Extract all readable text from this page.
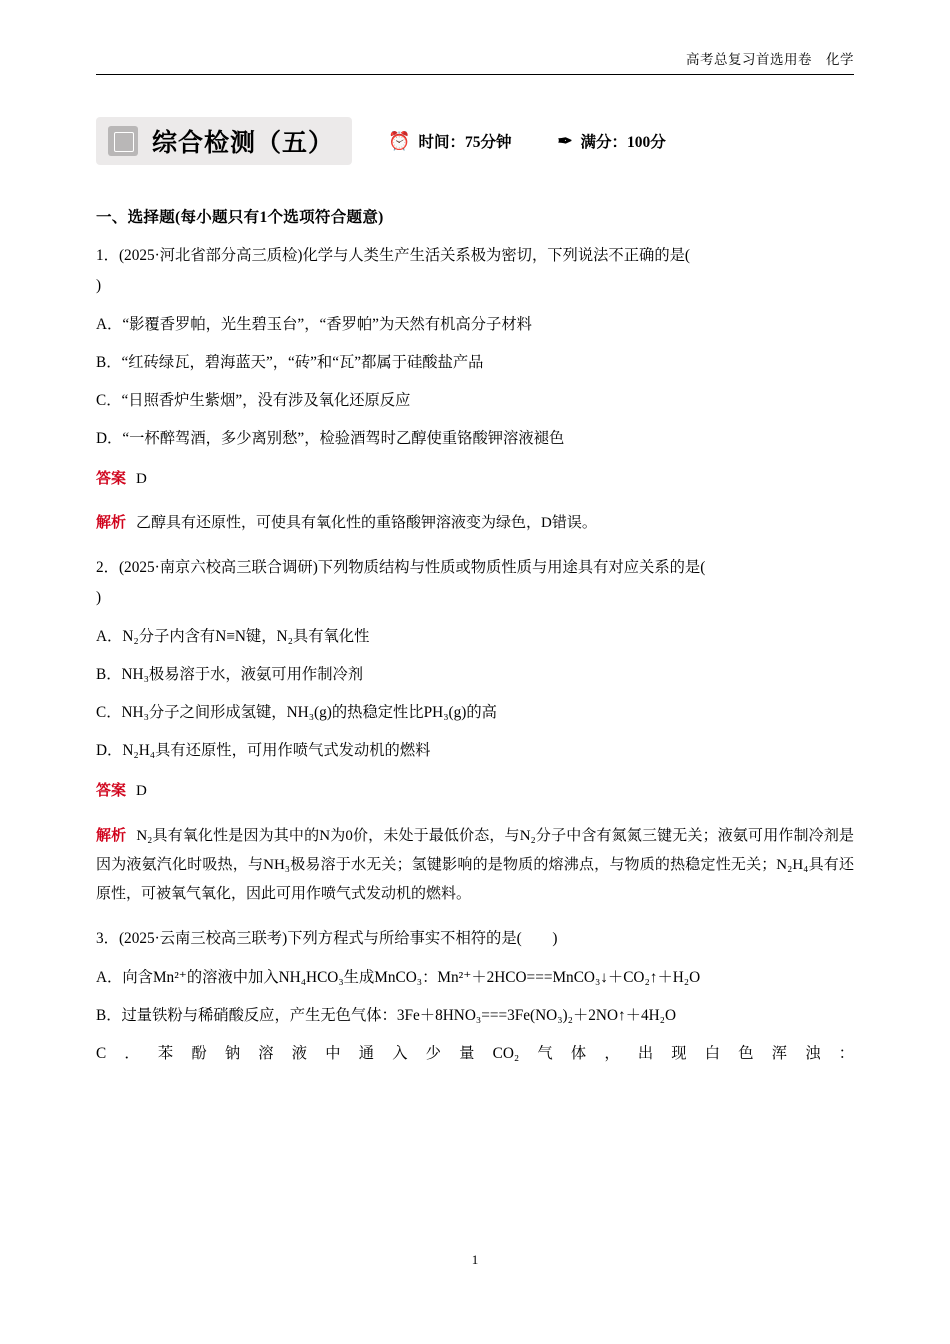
高考总复习首选用卷　化学
综合检测（五）	⏰ 时间：75分钟	✒ 满分：100分
一、选择题(每小题只有1个选项符合题意)

1．(2025·河北省部分高三质检)化学与人类生产生活关系极为密切，下列说法不正确的是(
)

A．“影覆香罗帕，光生碧玉台”，“香罗帕”为天然有机高分子材料

B．“红砖绿瓦，碧海蓝天”，“砖”和“瓦”都属于硅酸盐产品

C．“日照香炉生紫烟”，没有涉及氧化还原反应

D．“一杯醉驾酒，多少离别愁”，检验酒驾时乙醇使重铬酸钾溶液褪色

答案 D

解析 乙醇具有还原性，可使具有氧化性的重铬酸钾溶液变为绿色，D错误。

2．(2025·南京六校高三联合调研)下列物质结构与性质或物质性质与用途具有对应关系的是(
)

A．N₂分子内含有N≡N键，N₂具有氧化性

B．NH₃极易溶于水，液氨可用作制冷剂

C．NH₃分子之间形成氢键，NH₃(g)的热稳定性比PH₃(g)的高

D．N₂H₄具有还原性，可用作喷气式发动机的燃料

答案 D

解析 N₂具有氧化性是因为其中的N为0价，未处于最低价态，与N₂分子中含有氮氮三键无关；液氨可用作制冷剂是因为液氨汽化时吸热，与NH₃极易溶于水无关；氢键影响的是物质的熔沸点，与物质的热稳定性无关；N₂H₄具有还原性，可被氧气氧化，因此可用作喷气式发动机的燃料。

3．(2025·云南三校高三联考)下列方程式与所给事实不相符的是(　　)

A．向含Mn²⁺的溶液中加入NH₄HCO₃生成MnCO₃：Mn²⁺＋2HCO===MnCO₃↓＋CO₂↑＋H₂O

B．过量铁粉与稀硝酸反应，产生无色气体：3Fe＋8HNO₃===3Fe(NO₃)₂＋2NO↑＋4H₂O

C．苯酚钠溶液中通入少量CO₂气体，出现白色浑浊：

1
